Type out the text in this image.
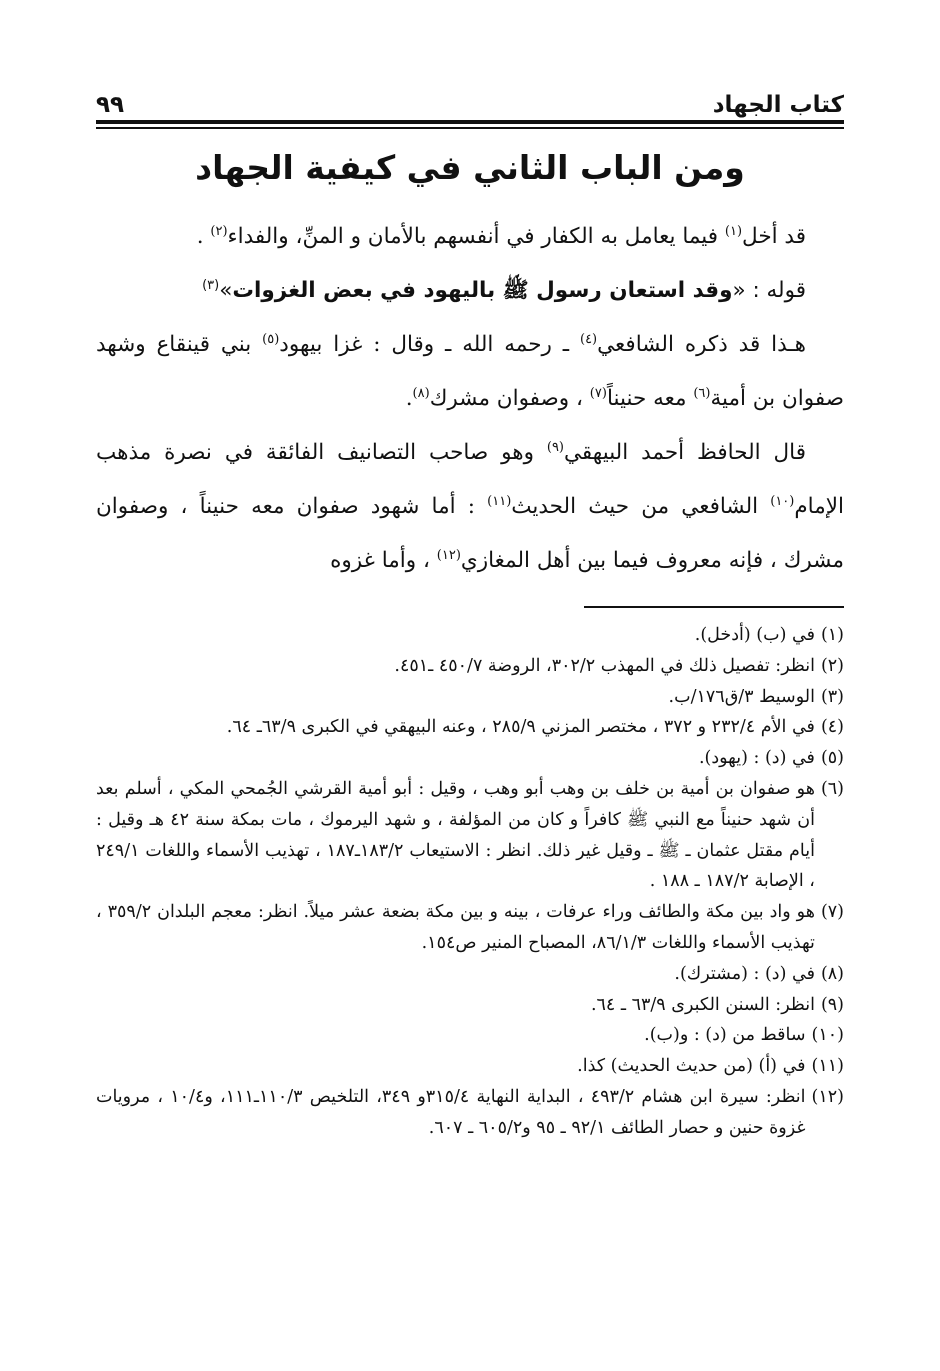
كتاب الجهاد
٩٩
ومن الباب الثاني في كيفية الجهاد

قد أخل$^{(١)}$ فيما يعامل به الكفار في أنفسهم بالأمان و المنِّ، والفداء$^{(٢)}$ .

قوله : «وقد استعان رسول ﷺ باليهود في بعض الغزوات»$^{(٣)}$

هـذا قد ذكره الشافعي$^{(٤)}$ ـ رحمه الله ـ وقال : غزا بيهود$^{(٥)}$ بني قينقاع وشهد صفوان بن أمية$^{(٦)}$ معه حنيناً$^{(٧)}$ ، وصفوان مشرك$^{(٨)}$.

قال الحافظ أحمد البيهقي$^{(٩)}$ وهو صاحب التصانيف الفائقة في نصرة مذهب الإمام$^{(١٠)}$ الشافعي من حيث الحديث$^{(١١)}$ : أما شهود صفوان معه حنيناً ، وصفوان مشرك ، فإنه معروف فيما بين أهل المغازي$^{(١٢)}$ ، وأما غزوه

(١)
في (ب) (أدخل).
(٢)
انظر: تفصيل ذلك في المهذب ٣٠٢/٢، الروضة ٤٥٠/٧ ـ٤٥١.
(٣)
الوسيط ٣/ق١٧٦/ب.
(٤)
في الأم ٢٣٢/٤ و ٣٧٢ ، مختصر المزني ٢٨٥/٩ ، وعنه البيهقي في الكبرى ٦٣/٩ـ ٦٤.
(٥)
في (د) : (يهود).
(٦)
هو صفوان بن أمية بن خلف بن وهب أبو وهب ، وقيل : أبو أمية القرشي الجُمحي المكي ، أسلم بعد أن شهد حنيناً مع النبي ﷺ كافراً و كان من المؤلفة ، و شهد اليرموك ، مات بمكة سنة ٤٢ هـ وقيل : أيام مقتل عثمان ـ ﷺ ـ وقيل غير ذلك. انظر : الاستيعاب ١٨٣/٢ـ١٨٧ ، تهذيب الأسماء واللغات ٢٤٩/١ ، الإصابة ١٨٧/٢ ـ ١٨٨ .
(٧)
هو واد بين مكة والطائف وراء عرفات ، بينه و بين مكة بضعة عشر ميلاً. انظر: معجم البلدان ٣٥٩/٢ ، تهذيب الأسماء واللغات ٨٦/١/٣، المصباح المنير ص١٥٤.
(٨)
في (د) : (مشترك).
(٩)
انظر: السنن الكبرى ٦٣/٩ ـ ٦٤.
(١٠)
ساقط من (د) : و(ب).
(١١)
في (أ) (من حديث الحديث) كذا.
(١٢)
انظر: سيرة ابن هشام ٤٩٣/٢ ، البداية النهاية ٣١٥/٤و ٣٤٩، التلخيص ١١٠/٣ـ١١١، و١٠/٤ ، مرويات غزوة حنين و حصار الطائف ٩٢/١ ـ ٩٥ و٦٠٥/٢ ـ ٦٠٧.
